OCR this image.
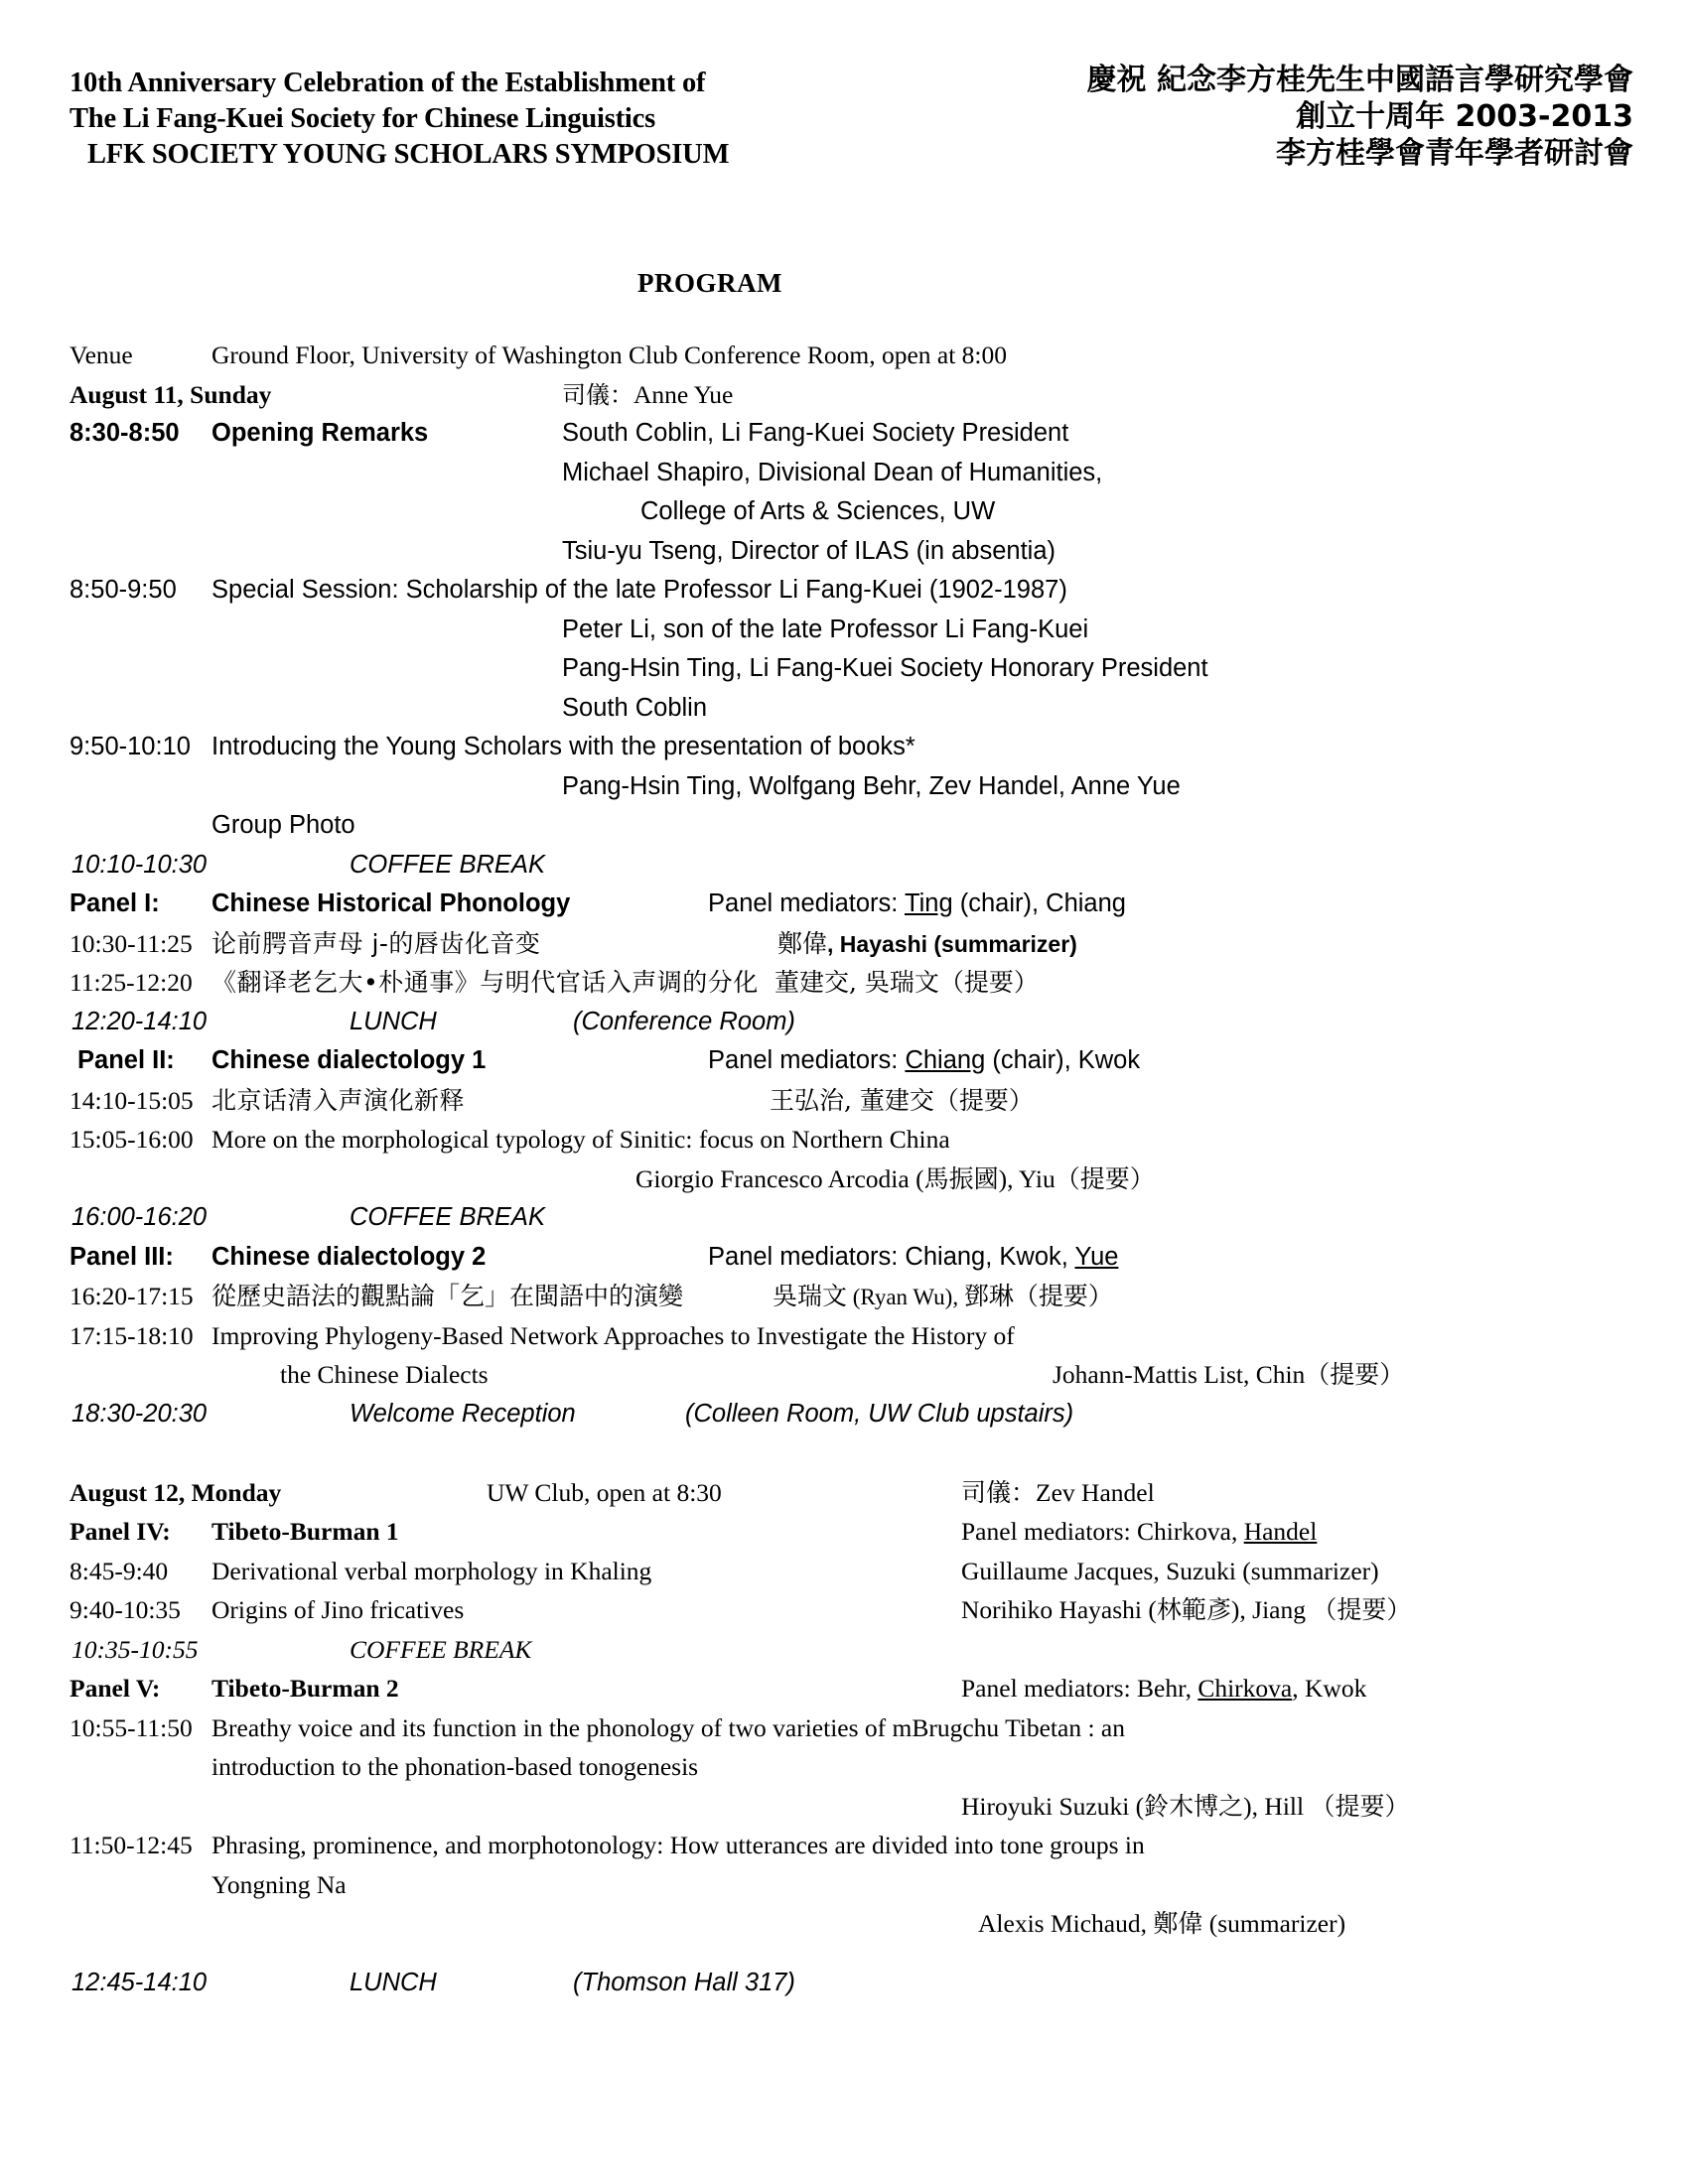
10th Anniversary Celebration of the Establishment of
The Li Fang-Kuei Society for Chinese Linguistics
LFK SOCIETY YOUNG SCHOLARS SYMPOSIUM
慶祝 紀念李方桂先生中國語言學研究學會
創立十周年 2003-2013
李方桂學會青年學者研討會
PROGRAM
Venue	Ground Floor, University of Washington Club Conference Room, open at 8:00
August 11, Sunday	司儀：Anne Yue
8:30-8:50 Opening Remarks	South Coblin, Li Fang-Kuei Society President
Michael Shapiro, Divisional Dean of Humanities,
College of Arts & Sciences, UW
Tsiu-yu Tseng, Director of ILAS (in absentia)
8:50-9:50 Special Session: Scholarship of the late Professor Li Fang-Kuei (1902-1987)
Peter Li, son of the late Professor Li Fang-Kuei
Pang-Hsin Ting, Li Fang-Kuei Society Honorary President
South Coblin
9:50-10:10 Introducing the Young Scholars with the presentation of books*
Pang-Hsin Ting, Wolfgang Behr, Zev Handel, Anne Yue
Group Photo
10:10-10:30	COFFEE BREAK
Panel I: Chinese Historical Phonology	Panel mediators: Ting (chair), Chiang
10:30-11:25 论前腭音声母 j-的唇齿化音变	鄭偉, Hayashi (summarizer)
11:25-12:20 《翻译老乞大•朴通事》与明代官话入声调的分化 董建交, 吳瑞文（提要）
12:20-14:10	LUNCH	(Conference Room)
Panel II: Chinese dialectology 1	Panel mediators: Chiang (chair), Kwok
14:10-15:05 北京话清入声演化新释	王弘治, 董建交（提要）
15:05-16:00 More on the morphological typology of Sinitic: focus on Northern China
Giorgio Francesco Arcodia (馬振國), Yiu（提要）
16:00-16:20	COFFEE BREAK
Panel III: Chinese dialectology 2	Panel mediators: Chiang, Kwok, Yue
16:20-17:15 從歷史語法的觀點論「乞」在閩語中的演變	吳瑞文 (Ryan Wu), 鄧琳（提要）
17:15-18:10 Improving Phylogeny-Based Network Approaches to Investigate the History of
the Chinese Dialects	Johann-Mattis List, Chin（提要）
18:30-20:30	Welcome Reception	(Colleen Room, UW Club upstairs)
August 12, Monday	UW Club, open at 8:30	司儀：Zev Handel
Panel IV: Tibeto-Burman 1	Panel mediators: Chirkova, Handel
8:45-9:40 Derivational verbal morphology in Khaling	Guillaume Jacques, Suzuki (summarizer)
9:40-10:35 Origins of Jino fricatives	Norihiko Hayashi (林範彥), Jiang （提要）
10:35-10:55	COFFEE BREAK
Panel V: Tibeto-Burman 2	Panel mediators: Behr, Chirkova, Kwok
10:55-11:50 Breathy voice and its function in the phonology of two varieties of mBrugchu Tibetan : an
introduction to the phonation-based tonogenesis
Hiroyuki Suzuki (鈴木博之), Hill （提要）
11:50-12:45 Phrasing, prominence, and morphotonology: How utterances are divided into tone groups in
Yongning Na
Alexis Michaud, 鄭偉 (summarizer)
12:45-14:10	LUNCH	(Thomson Hall 317)
